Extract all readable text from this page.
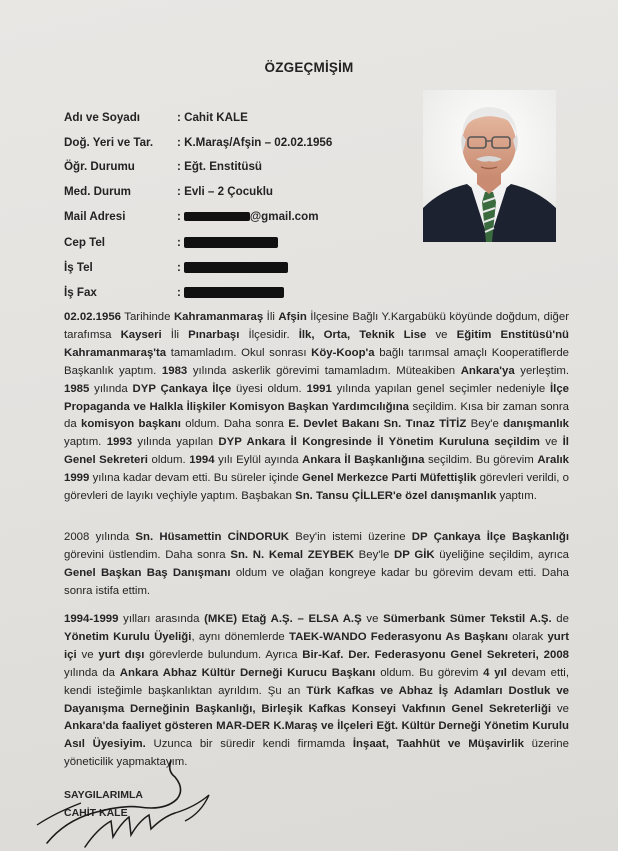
ÖZGEÇMİŞİM
Adı ve Soyadı	: Cahit KALE
Doğ. Yeri ve Tar. : K.Maraş/Afşin – 02.02.1956
Öğr. Durumu	: Eğt. Enstitüsü
Med. Durum	: Evli – 2 Çocuklu
Mail Adresi	:	@gmail.com
Cep Tel	:
İş Tel	:
İş Fax	:
02.02.1956 Tarihinde Kahramanmaraş İli Afşin İlçesine Bağlı Y.Kargabükü köyünde doğdum, diğer tarafımsa Kayseri İli Pınarbaşı İlçesidir. İlk, Orta, Teknik Lise ve Eğitim Enstitüsü'nü Kahramanmaraş'ta tamamladım. Okul sonrası Köy-Koop'a bağlı tarımsal amaçlı Kooperatiflerde Başkanlık yaptım. 1983 yılında askerlik görevimi tamamladım. Müteakiben Ankara'ya yerleştim. 1985 yılında DYP Çankaya İlçe üyesi oldum. 1991 yılında yapılan genel seçimler nedeniyle İlçe Propaganda ve Halkla İlişkiler Komisyon Başkan Yardımcılığına seçildim. Kısa bir zaman sonra da komisyon başkanı oldum. Daha sonra E. Devlet Bakanı Sn. Tınaz TİTİZ Bey'e danışmanlık yaptım. 1993 yılında yapılan DYP Ankara İl Kongresinde İl Yönetim Kuruluna seçildim ve İl Genel Sekreteri oldum. 1994 yılı Eylül ayında Ankara İl Başkanlığına seçildim. Bu görevim Aralık 1999 yılına kadar devam etti. Bu süreler içinde Genel Merkezce Parti Müfettişlik görevleri verildi, o görevleri de layıkı veçhiyle yaptım. Başbakan Sn. Tansu ÇİLLER'e özel danışmanlık yaptım.
2008 yılında Sn. Hüsamettin CİNDORUK Bey'in istemi üzerine DP Çankaya İlçe Başkanlığı görevini üstlendim. Daha sonra Sn. N. Kemal ZEYBEK Bey'le DP GİK üyeliğine seçildim, ayrıca Genel Başkan Baş Danışmanı oldum ve olağan kongreye kadar bu görevim devam etti. Daha sonra istifa ettim.
1994-1999 yılları arasında (MKE) Etağ A.Ş. – ELSA A.Ş ve Sümerbank Sümer Tekstil A.Ş. de Yönetim Kurulu Üyeliği, aynı dönemlerde TAEK-WANDO Federasyonu As Başkanı olarak yurt içi ve yurt dışı görevlerde bulundum. Ayrıca Bir-Kaf. Der. Federasyonu Genel Sekreteri, 2008 yılında da Ankara Abhaz Kültür Derneği Kurucu Başkanı oldum. Bu görevim 4 yıl devam etti, kendi isteğimle başkanlıktan ayrıldım. Şu an Türk Kafkas ve Abhaz İş Adamları Dostluk ve Dayanışma Derneğinin Başkanlığı, Birleşik Kafkas Konseyi Vakfının Genel Sekreterliği ve Ankara'da faaliyet gösteren MAR-DER K.Maraş ve İlçeleri Eğt. Kültür Derneği Yönetim Kurulu Asıl Üyesiyim. Uzunca bir süredir kendi firmamda İnşaat, Taahhüt ve Müşavirlik üzerine yöneticilik yapmaktayım.
SAYGILARIMLA
CAHİT KALE
